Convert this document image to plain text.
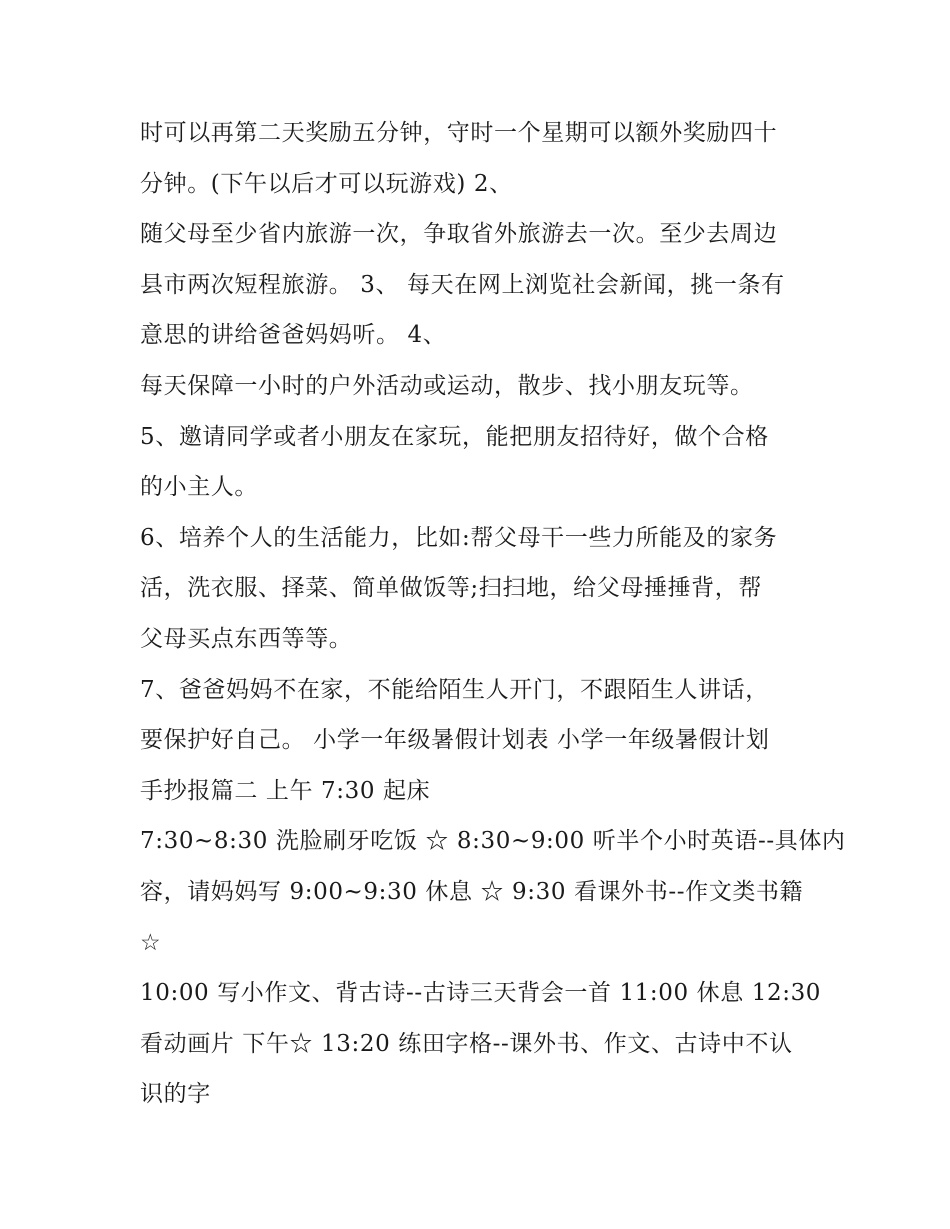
时可以再第二天奖励五分钟，守时一个星期可以额外奖励四十
分钟。(下午以后才可以玩游戏) 2、
随父母至少省内旅游一次，争取省外旅游去一次。至少去周边
县市两次短程旅游。 3、 每天在网上浏览社会新闻，挑一条有
意思的讲给爸爸妈妈听。 4、
每天保障一小时的户外活动或运动，散步、找小朋友玩等。
5、邀请同学或者小朋友在家玩，能把朋友招待好，做个合格
的小主人。
6、培养个人的生活能力，比如:帮父母干一些力所能及的家务
活，洗衣服、择菜、简单做饭等;扫扫地，给父母捶捶背，帮
父母买点东西等等。
7、爸爸妈妈不在家，不能给陌生人开门，不跟陌生人讲话，
要保护好自己。 小学一年级暑假计划表 小学一年级暑假计划
手抄报篇二 上午 7:30 起床
7:30~8:30 洗脸刷牙吃饭 ☆ 8:30~9:00 听半个小时英语--具体内
容，请妈妈写 9:00~9:30 休息 ☆ 9:30 看课外书--作文类书籍
☆
10:00 写小作文、背古诗--古诗三天背会一首 11:00 休息 12:30
看动画片 下午☆ 13:20 练田字格--课外书、作文、古诗中不认
识的字
